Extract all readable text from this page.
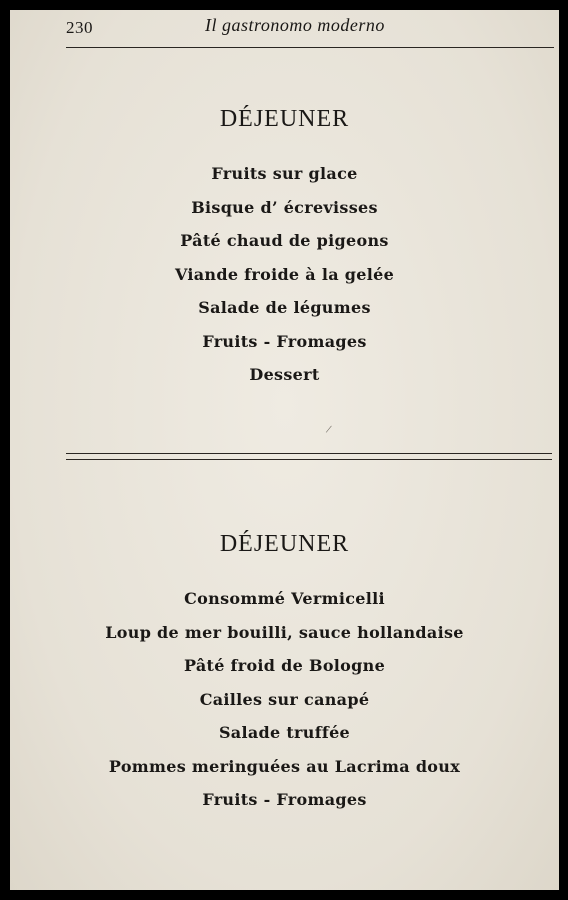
230	Il gastronomo moderno
DÉJEUNER
Fruits sur glace
Bisque d’ écrevisses
Pâté chaud de pigeons
Viande froide à la gelée
Salade de légumes
Fruits - Fromages
Dessert
/
DÉJEUNER
Consommé Vermicelli
Loup de mer bouilli, sauce hollandaise
Pâté froid de Bologne
Cailles sur canapé
Salade truffée
Pommes meringuées au Lacrima doux
Fruits - Fromages
